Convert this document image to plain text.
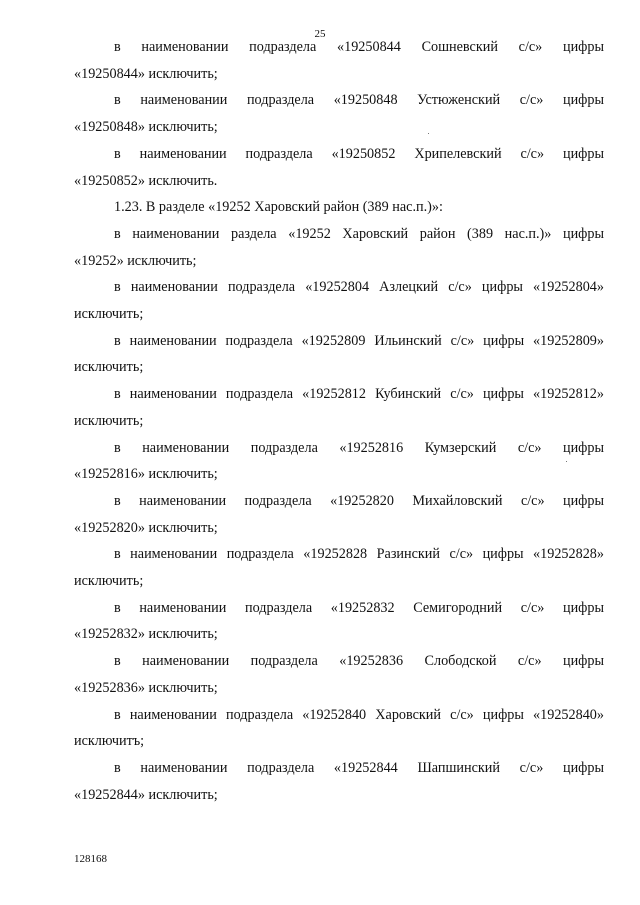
25

в наименовании подраздела «19250844 Сошневский с/с» цифры
«19250844» исключить;

в наименовании подраздела «19250848 Устюженский с/с» цифры
«19250848» исключить;

в наименовании подраздела «19250852 Хрипелевский с/с» цифры
«19250852» исключить.

1.23. В разделе «19252 Харовский район (389 нас.п.)»:

в наименовании раздела «19252 Харовский район (389 нас.п.)» цифры
«19252» исключить;

в наименовании подраздела «19252804 Азлецкий с/с» цифры «19252804»
исключить;

в наименовании подраздела «19252809 Ильинский с/с» цифры «19252809»
исключить;

в наименовании подраздела «19252812 Кубинский с/с» цифры «19252812»
исключить;

в наименовании подраздела «19252816 Кумзерский с/с» цифры
«19252816» исключить;

в наименовании подраздела «19252820 Михайловский с/с» цифры
«19252820» исключить;

в наименовании подраздела «19252828 Разинский с/с» цифры «19252828»
исключить;

в наименовании подраздела «19252832 Семигородний с/с» цифры
«19252832» исключить;

в наименовании подраздела «19252836 Слободской с/с» цифры
«19252836» исключить;

в наименовании подраздела «19252840 Харовский с/с» цифры «19252840»
исключитъ;

в наименовании подраздела «19252844 Шапшинский с/с» цифры
«19252844» исключить;

128168
